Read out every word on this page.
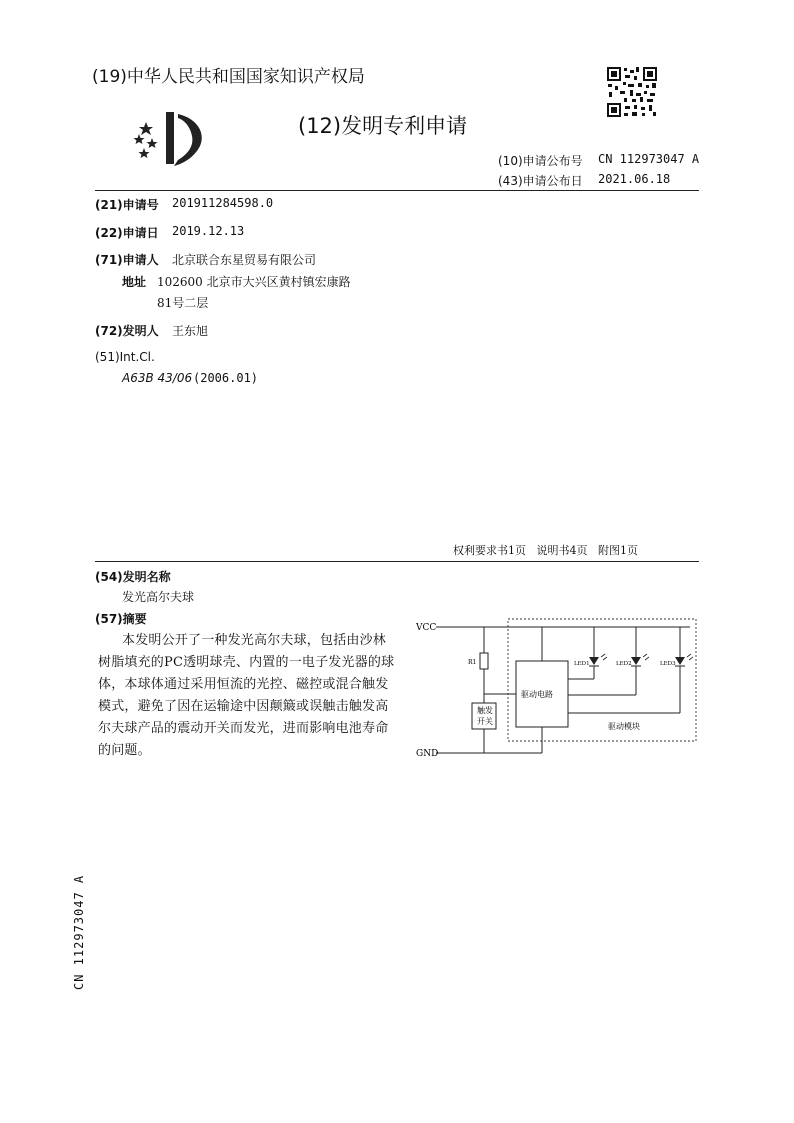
(19)中华人民共和国国家知识产权局
(12)发明专利申请
(10)申请公布号 CN 112973047 A
(43)申请公布日 2021.06.18
(21)申请号 201911284598.0
(22)申请日 2019.12.13
(71)申请人 北京联合东星贸易有限公司
地址 102600 北京市大兴区黄村镇宏康路
81号二层
(72)发明人 王东旭
(51)Int.Cl.
A63B 43/06 (2006.01)
权利要求书1页   说明书4页   附图1页
(54)发明名称
发光高尔夫球
(57)摘要
本发明公开了一种发光高尔夫球，包括由沙林树脂填充的PC透明球壳、内置的一电子发光器的球体，本球体通过采用恒流的光控、磁控或混合触发模式，避免了因在运输途中因颠簸或误触击触发高尔夫球产品的震动开关而发光，进而影响电池寿命的问题。
VCC
GND
R1
触发
开关
驱动电路
LED1	LED2	LED3
驱动模块
CN 112973047 A
